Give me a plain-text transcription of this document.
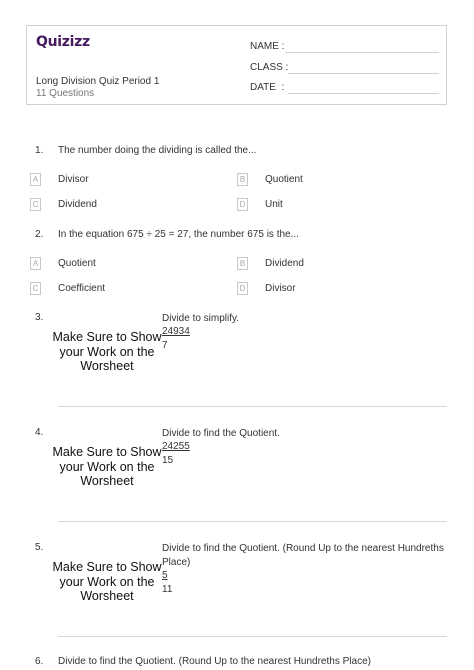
Quizizz
Long Division Quiz Period 1
11 Questions
NAME :
CLASS :
DATE  :
1. The number doing the dividing is called the...
A Divisor	B Quotient
C Dividend	D Unit
2. In the equation 675 ÷ 25 = 27, the number 675 is the...
A Quotient	B Dividend
C Coefficient	D Divisor
3.
Make Sure to Show your Work on the Worsheet
Divide to simplify.
24934
7
4.
Make Sure to Show your Work on the Worsheet
Divide to find the Quotient.
24255
15
5.
Make Sure to Show your Work on the Worsheet
Divide to find the Quotient. (Round Up to the nearest Hundreths Place)
5
11
6. Divide to find the Quotient. (Round Up to the nearest Hundreths Place)
